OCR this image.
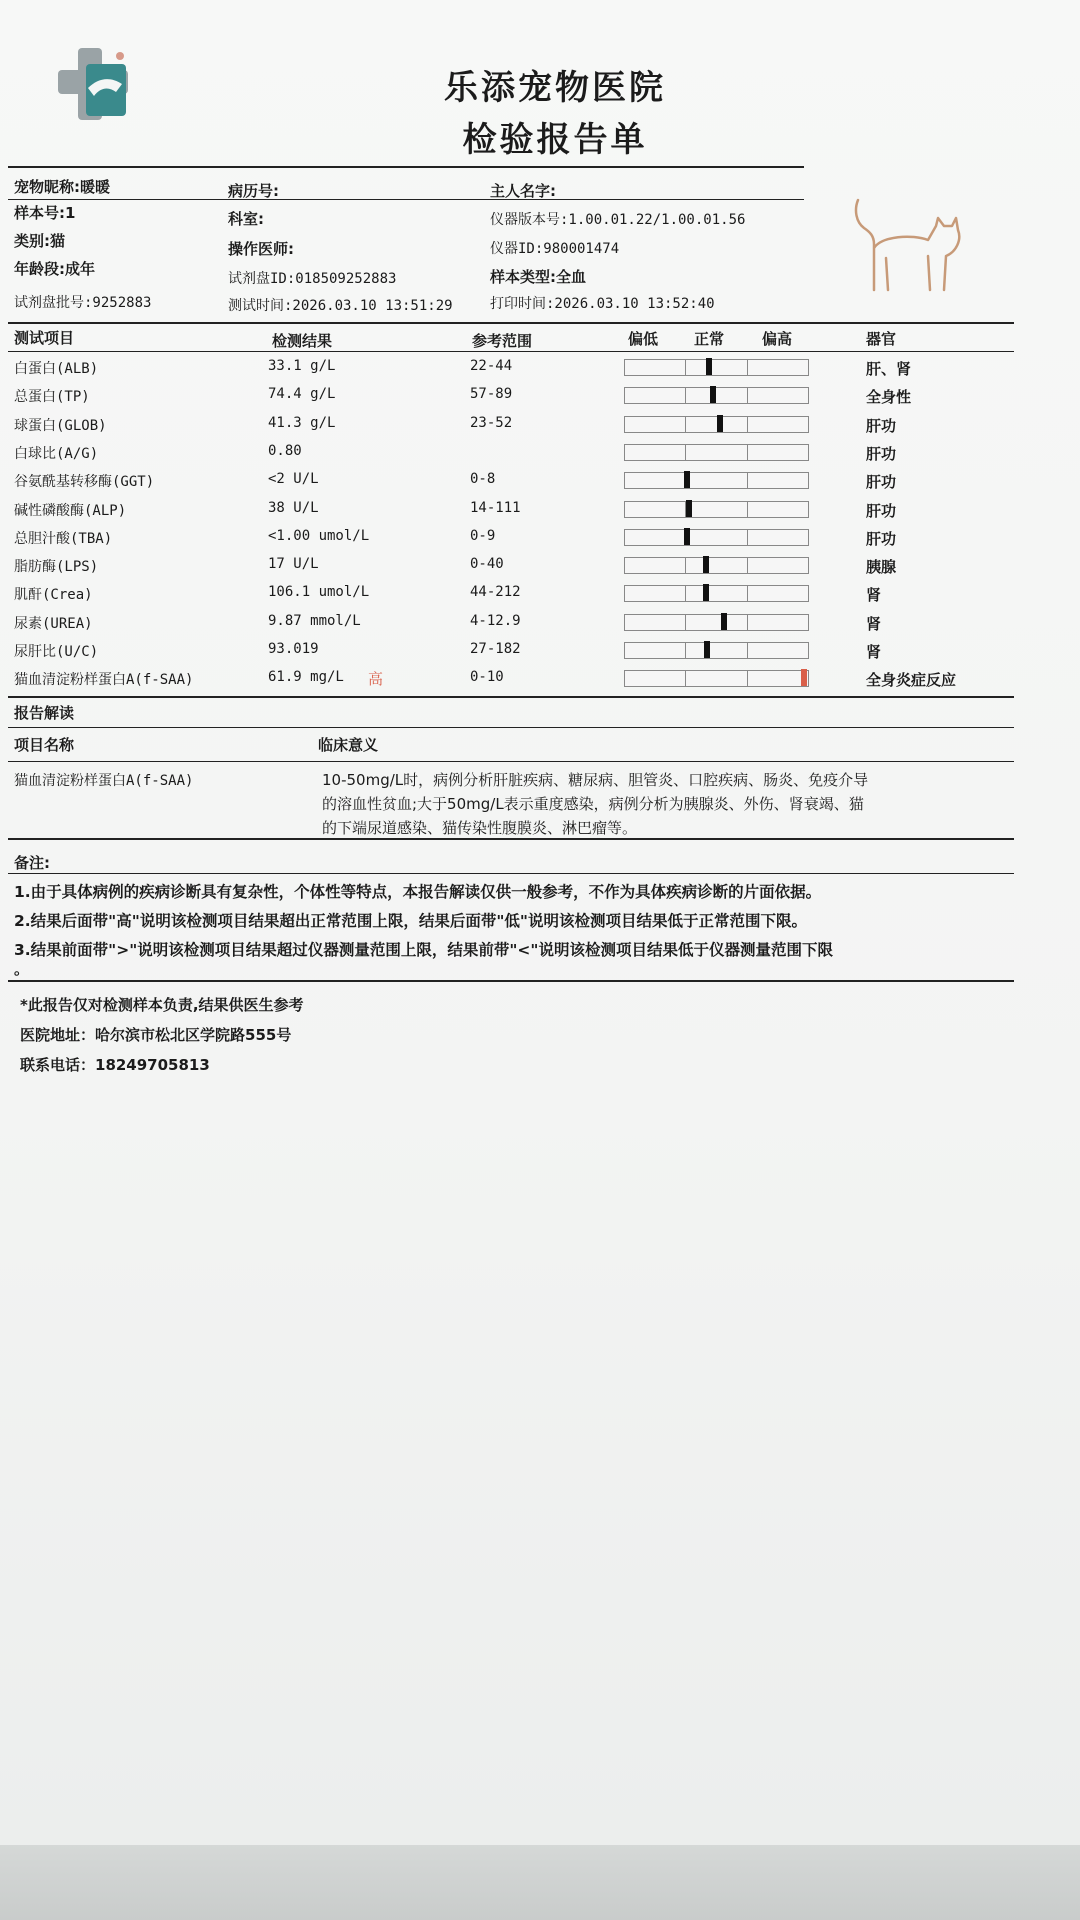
乐添宠物医院
检验报告单
宠物昵称:暖暖	病历号:	主人名字:
样本号:1	科室:	仪器版本号:1.00.01.22/1.00.01.56
类别:猫	操作医师:	仪器ID:980001474
年龄段:成年
试剂盘ID:018509252883	样本类型:全血
试剂盘批号:9252883	测试时间:2026.03.10 13:51:29	打印时间:2026.03.10 13:52:40
测试项目	检测结果	参考范围	偏低 正常	偏高	器官
白蛋白(ALB)	33.1 g/L	22-44	肝、肾
总蛋白(TP)	74.4 g/L	57-89	全身性
球蛋白(GLOB)	41.3 g/L	23-52	肝功
白球比(A/G)	0.80	肝功
谷氨酰基转移酶(GGT)	<2 U/L	0-8	肝功
碱性磷酸酶(ALP)	38 U/L	14-111	肝功
总胆汁酸(TBA)	<1.00 umol/L	0-9	肝功
脂肪酶(LPS)	17 U/L	0-40	胰腺
肌酐(Crea)	106.1 umol/L	44-212	肾
尿素(UREA)	9.87 mmol/L	4-12.9	肾
尿肝比(U/C)	93.019	27-182	肾
猫血清淀粉样蛋白A(f-SAA)	61.9 mg/L 高	0-10	全身炎症反应
报告解读
项目名称	临床意义
猫血清淀粉样蛋白A(f-SAA)	10-50mg/L时，病例分析肝脏疾病、糖尿病、胆管炎、口腔疾病、肠炎、免疫介导
的溶血性贫血;大于50mg/L表示重度感染，病例分析为胰腺炎、外伤、肾衰竭、猫
的下端尿道感染、猫传染性腹膜炎、淋巴瘤等。
备注:
1.由于具体病例的疾病诊断具有复杂性，个体性等特点，本报告解读仅供一般参考，不作为具体疾病诊断的片面依据。
2.结果后面带"高"说明该检测项目结果超出正常范围上限，结果后面带"低"说明该检测项目结果低于正常范围下限。
3.结果前面带">"说明该检测项目结果超过仪器测量范围上限，结果前带"<"说明该检测项目结果低于仪器测量范围下限
。
*此报告仅对检测样本负责,结果供医生参考
医院地址：哈尔滨市松北区学院路555号
联系电话：18249705813
